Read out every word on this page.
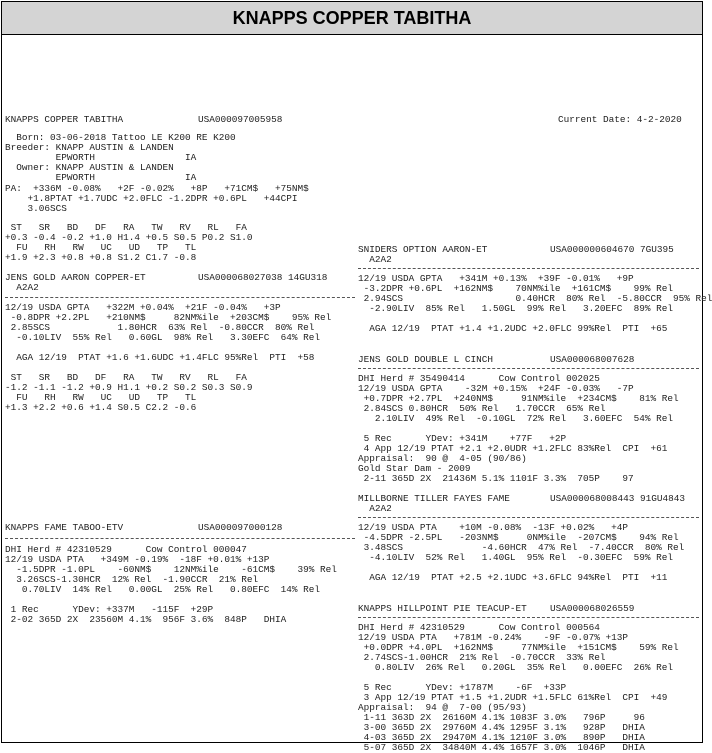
KNAPPS COPPER TABITHA
KNAPPS COPPER TABITHA	USA000097005958	Current Date: 4-2-2020
Born: 03-06-2018 Tattoo LE K200 RE K200
Breeder: KNAPP AUSTIN & LANDEN
EPWORTH                IA
Owner: KNAPP AUSTIN & LANDEN
EPWORTH                IA
PA:  +336M -0.08%   +2F -0.02%   +8P   +71CM$   +75NM$
+1.8PTAT +1.7UDC +2.0FLC -1.2DPR +0.6PL   +44CPI
3.06SCS
ST   SR   BD   DF   RA   TW   RV   RL   FA
+0.3 -0.4 -0.2 +1.0 H1.4 +0.5 S0.5 P0.2 S1.0
FU   RH   RW   UC   UD   TP   TL
+1.9 +2.3 +0.8 +0.8 S1.2 C1.7 -0.8
JENS GOLD AARON COPPER-ET	USA000068027038 14GU318
A2A2
12/19 USDA GPTA   +322M +0.04%  +21F -0.04%   +3P
-0.8DPR +2.2PL   +210NM$     82NM%ile  +203CM$    95% Rel
2.85SCS            1.80HCR  63% Rel  -0.80CCR  80% Rel
-0.10LIV  55% Rel   0.60GL  98% Rel   3.30EFC  64% Rel
AGA 12/19  PTAT +1.6 +1.6UDC +1.4FLC 95%Rel  PTI  +58
ST   SR   BD   DF   RA   TW   RV   RL   FA
-1.2 -1.1 -1.2 +0.9 H1.1 +0.2 S0.2 S0.3 S0.9
FU   RH   RW   UC   UD   TP   TL
+1.3 +2.2 +0.6 +1.4 S0.5 C2.2 -0.6
KNAPPS FAME TABOO-ETV	USA000097000128
DHI Herd # 42310529      Cow Control 000047
12/19 USDA PTA   +349M -0.19%  -18F +0.01% +13P
-1.5DPR -1.0PL    -60NM$    12NM%ile    -61CM$    39% Rel
3.26SCS-1.30HCR  12% Rel  -1.90CCR  21% Rel
0.70LIV  14% Rel   0.00GL  25% Rel   0.80EFC  14% Rel
1 Rec      YDev: +337M   -115F  +29P
2-02 365D 2X  23560M 4.1%  956F 3.6%  848P   DHIA
SNIDERS OPTION AARON-ET	USA000000604670 7GU395
A2A2
12/19 USDA GPTA   +341M +0.13%  +39F -0.01%   +9P
-3.2DPR +0.6PL  +162NM$    70NM%ile  +161CM$    99% Rel
2.94SCS                    0.40HCR  80% Rel  -5.80CCR  95% Rel
-2.90LIV  85% Rel   1.50GL  99% Rel   3.20EFC  89% Rel
AGA 12/19  PTAT +1.4 +1.2UDC +2.0FLC 99%Rel  PTI  +65
JENS GOLD DOUBLE L CINCH	USA000068007628
DHI Herd # 35490414      Cow Control 002025
12/19 USDA GPTA    -32M +0.15%  +24F -0.03%   -7P
+0.7DPR +2.7PL  +240NM$     91NM%ile  +234CM$    81% Rel
2.84SCS 0.80HCR  50% Rel   1.70CCR  65% Rel
2.10LIV  49% Rel  -0.10GL  72% Rel   3.60EFC  54% Rel
5 Rec      YDev: +341M    +77F   +2P
4 App 12/19 PTAT +2.1 +2.0UDR +1.2FLC 83%Rel  CPI  +61
Appraisal:  90 @  4-05 (90/86)
Gold Star Dam - 2009
2-11 365D 2X  21436M 5.1% 1101F 3.3%  705P    97
MILLBORNE TILLER FAYES FAME	USA000068008443 91GU4843
A2A2
12/19 USDA PTA    +10M -0.08%  -13F +0.02%   +4P
-4.5DPR -2.5PL   -203NM$     0NM%ile  -207CM$    94% Rel
3.48SCS              -4.60HCR  47% Rel  -7.40CCR  80% Rel
-4.10LIV  52% Rel   1.40GL  95% Rel  -0.30EFC  59% Rel
AGA 12/19  PTAT +2.5 +2.1UDC +3.6FLC 94%Rel  PTI  +11
KNAPPS HILLPOINT PIE TEACUP-ET USA000068026559
DHI Herd # 42310529      Cow Control 000564
12/19 USDA PTA   +781M -0.24%    -9F -0.07% +13P
+0.0DPR +4.0PL  +162NM$     77NM%ile  +151CM$    59% Rel
2.74SCS-1.00HCR  21% Rel  -0.70CCR  33% Rel
0.80LIV  26% Rel   0.20GL  35% Rel   0.00EFC  26% Rel
5 Rec      YDev: +1787M    -6F  +33P
3 App 12/19 PTAT +1.5 +1.2UDR +1.5FLC 61%Rel  CPI  +49
Appraisal:  94 @  7-00 (95/93)
1-11 363D 2X  26160M 4.1% 1083F 3.0%   796P     96
3-00 365D 2X  29760M 4.4% 1295F 3.1%   928P   DHIA
4-03 365D 2X  29470M 4.1% 1210F 3.0%   890P   DHIA
5-07 365D 2X  34840M 4.4% 1657F 3.0%  1046P   DHIA
